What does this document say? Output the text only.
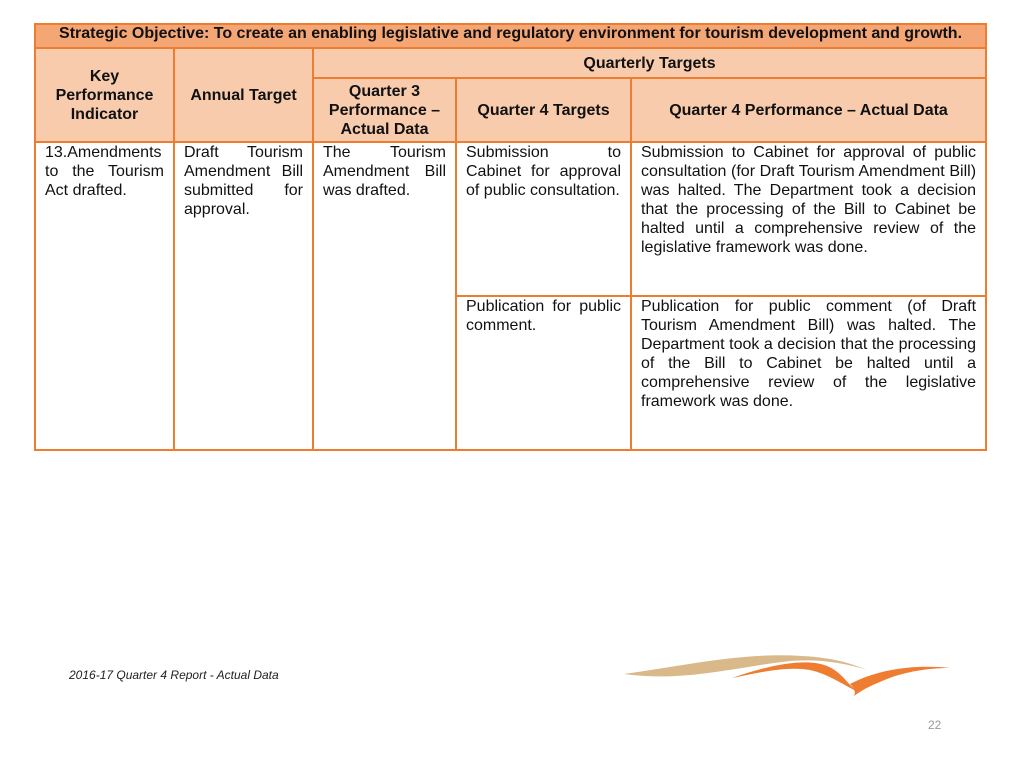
Strategic Objective: To create an enabling legislative and regulatory environment for tourism development and growth.				
Key Performance Indicator	Annual Target	Quarterly Targets		
		Quarter 3 Performance – Actual Data	Quarter 4 Targets	Quarter 4 Performance – Actual Data
13.Amendments to the Tourism Act drafted.	Draft Tourism Amendment Bill submitted for approval.	The Tourism Amendment Bill was drafted.	Submission to Cabinet for approval of public consultation.	Submission to Cabinet for approval of public consultation (for Draft Tourism Amendment Bill) was halted. The Department took a decision that the processing of the Bill to Cabinet be halted until a comprehensive review of the legislative framework was done.
			Publication for public comment.	Publication for public comment (of Draft Tourism Amendment Bill) was halted. The Department took a decision that the processing of the Bill to Cabinet be halted until a comprehensive review of the legislative framework was done.
2016-17 Quarter 4 Report - Actual Data
22
